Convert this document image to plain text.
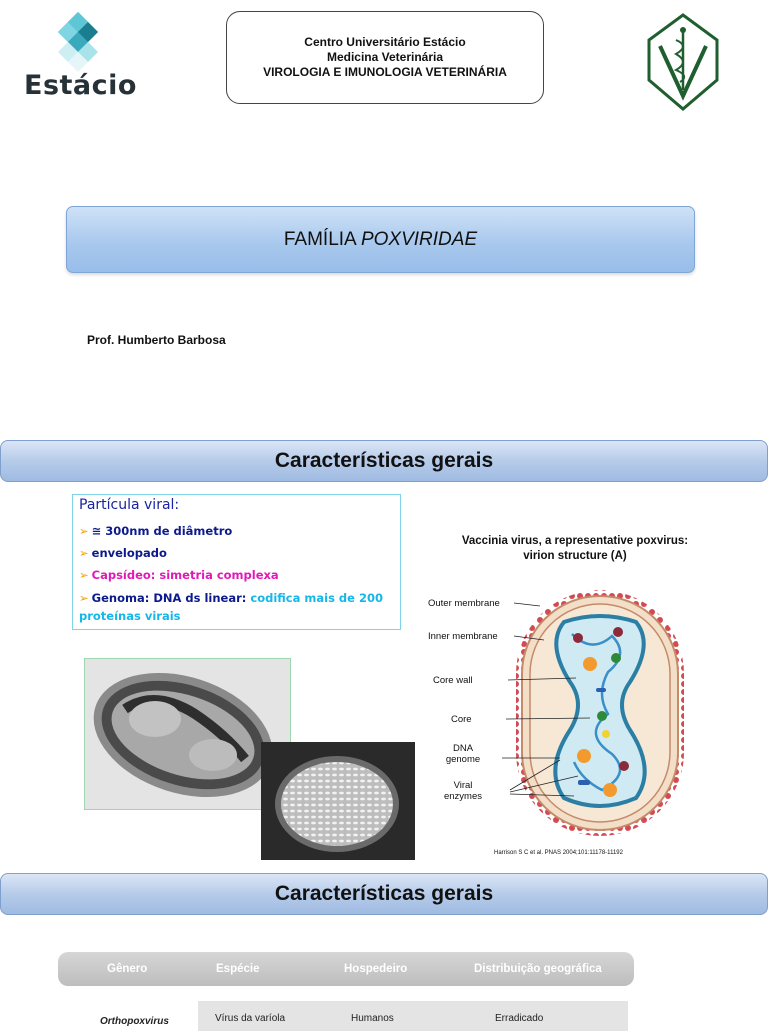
Estácio
Centro Universitário Estácio
Medicina Veterinária
VIROLOGIA E IMUNOLOGIA VETERINÁRIA
FAMÍLIA POXVIRIDAE
Prof. Humberto Barbosa
Características gerais
Partícula viral:
➢ ≅ 300nm de diâmetro
➢ envelopado
➢ Capsídeo: simetria complexa
➢ Genoma: DNA ds linear: codifica mais de 200 proteínas virais
Vaccinia virus, a representative poxvirus:
virion structure (A)
Outer membrane
Inner membrane
Core wall
Core
DNA genome
Viral enzymes
Harrison S C et al. PNAS 2004;101:11178-11192
Características gerais
Gênero	Espécie	Hospedeiro	Distribuição geográfica
Orthopoxvirus	Vírus da varíola	Humanos	Erradicado
